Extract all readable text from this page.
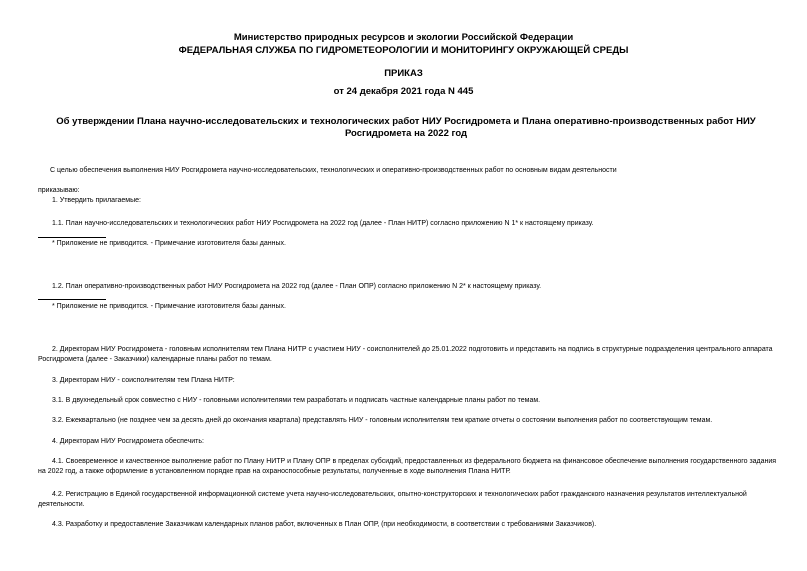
Министерство природных ресурсов и экологии Российской Федерации
ФЕДЕРАЛЬНАЯ СЛУЖБА ПО ГИДРОМЕТЕОРОЛОГИИ И МОНИТОРИНГУ ОКРУЖАЮЩЕЙ СРЕДЫ
ПРИКАЗ
от 24 декабря 2021 года N 445
Об утверждении Плана научно-исследовательских и технологических работ НИУ Росгидромета и Плана оперативно-производственных работ НИУ Росгидромета на 2022 год
С целью обеспечения выполнения НИУ Росгидромета научно-исследовательских, технологических и оперативно-производственных работ по основным видам деятельности
приказываю:
1. Утвердить прилагаемые:
1.1. План научно-исследовательских и технологических работ НИУ Росгидромета на 2022 год (далее - План НИТР) согласно приложению N 1* к настоящему приказу.
* Приложение не приводится. - Примечание изготовителя базы данных.
1.2. План оперативно-производственных работ НИУ Росгидромета на 2022 год (далее - План ОПР) согласно приложению N 2* к настоящему приказу.
* Приложение не приводится. - Примечание изготовителя базы данных.
2. Директорам НИУ Росгидромета - головным исполнителям тем Плана НИТР с участием НИУ - соисполнителей до 25.01.2022 подготовить и представить на подпись в структурные подразделения центрального аппарата Росгидромета (далее - Заказчики) календарные планы работ по темам.
3. Директорам НИУ - соисполнителям тем Плана НИТР:
3.1. В двухнедельный срок совместно с НИУ - головными исполнителями тем разработать и подписать частные календарные планы работ по темам.
3.2. Ежеквартально (не позднее чем за десять дней до окончания квартала) представлять НИУ - головным исполнителям тем краткие отчеты о состоянии выполнения работ по соответствующим темам.
4. Директорам НИУ Росгидромета обеспечить:
4.1. Своевременное и качественное выполнение работ по Плану НИТР и Плану ОПР в пределах субсидий, предоставленных из федерального бюджета на финансовое обеспечение выполнения государственного задания на 2022 год, а также оформление в установленном порядке прав на охраноспособные результаты, полученные в ходе выполнения Плана НИТР.
4.2. Регистрацию в Единой государственной информационной системе учета научно-исследовательских, опытно-конструкторских и технологических работ гражданского назначения результатов интеллектуальной деятельности.
4.3. Разработку и предоставление Заказчикам календарных планов работ, включенных в План ОПР, (при необходимости, в соответствии с требованиями Заказчиков).
